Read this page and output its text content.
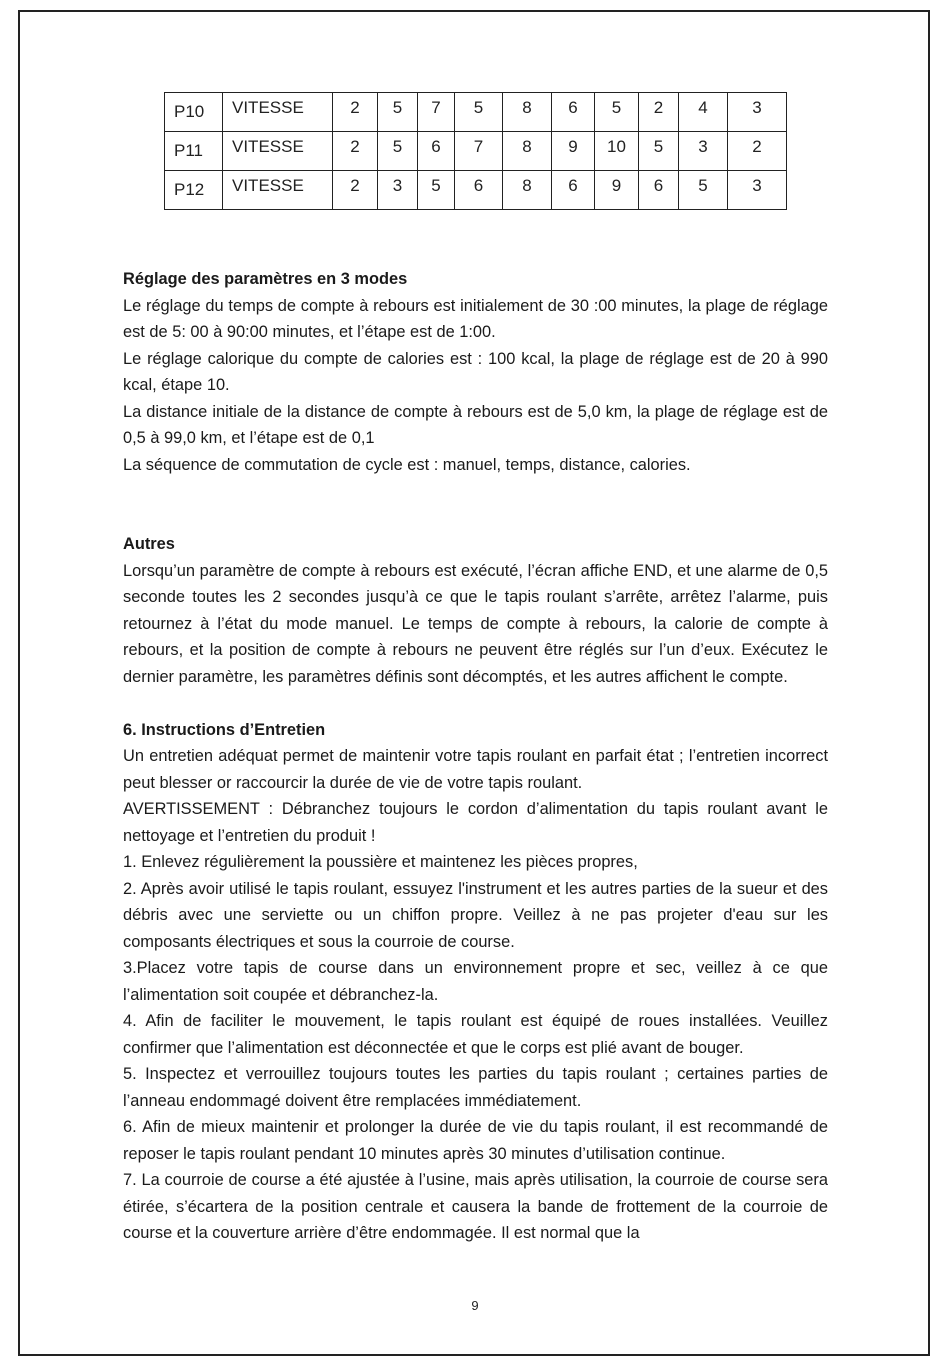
P10	VITESSE	2	5	7	5	8	6	5	2	4	3
P11	VITESSE	2	5	6	7	8	9	10	5	3	2
P12	VITESSE	2	3	5	6	8	6	9	6	5	3
Réglage des paramètres en 3 modes

Le réglage du temps de compte à rebours est initialement de 30 :00 minutes, la plage de réglage est de 5: 00 à 90:00 minutes, et l’étape est de 1:00.

Le réglage calorique du compte de calories est : 100 kcal, la plage de réglage est de 20 à 990 kcal, étape 10.

La distance initiale de la distance de compte à rebours est de 5,0 km, la plage de réglage est de 0,5 à 99,0 km, et l’étape est de 0,1

La séquence de commutation de cycle est : manuel, temps, distance, calories.

Autres

Lorsqu’un paramètre de compte à rebours est exécuté, l’écran affiche END, et une alarme de 0,5 seconde toutes les 2 secondes jusqu’à ce que le tapis roulant s’arrête, arrêtez l’alarme, puis retournez à l’état du mode manuel. Le temps de compte à rebours, la calorie de compte à rebours, et la position de compte à rebours ne peuvent être réglés sur l’un d’eux. Exécutez le dernier paramètre, les paramètres définis sont décomptés, et les autres affichent le compte.

6. Instructions d’Entretien

Un entretien adéquat permet de maintenir votre tapis roulant en parfait état ; l’entretien incorrect peut blesser or raccourcir la durée de vie de votre tapis roulant.

AVERTISSEMENT : Débranchez toujours le cordon d’alimentation du tapis roulant avant le nettoyage et l’entretien du produit !

1. Enlevez régulièrement la poussière et maintenez les pièces propres,

2. Après avoir utilisé le tapis roulant, essuyez l'instrument et les autres parties de la sueur et des débris avec une serviette ou un chiffon propre. Veillez à ne pas projeter d'eau sur les composants électriques et sous la courroie de course.

3.Placez votre tapis de course dans un environnement propre et sec, veillez à ce que l’alimentation soit coupée et débranchez-la.

4. Afin de faciliter le mouvement, le tapis roulant est équipé de roues installées. Veuillez confirmer que l’alimentation est déconnectée et que le corps est plié avant de bouger.

5. Inspectez et verrouillez toujours toutes les parties du tapis roulant ; certaines parties de l’anneau endommagé doivent être remplacées immédiatement.

6. Afin de mieux maintenir et prolonger la durée de vie du tapis roulant, il est recommandé de reposer le tapis roulant pendant 10 minutes après 30 minutes d’utilisation continue.

7. La courroie de course a été ajustée à l’usine, mais après utilisation, la courroie de course sera étirée, s’écartera de la position centrale et causera la bande de frottement de la courroie de course et la couverture arrière d’être endommagée. Il est normal que la

9
